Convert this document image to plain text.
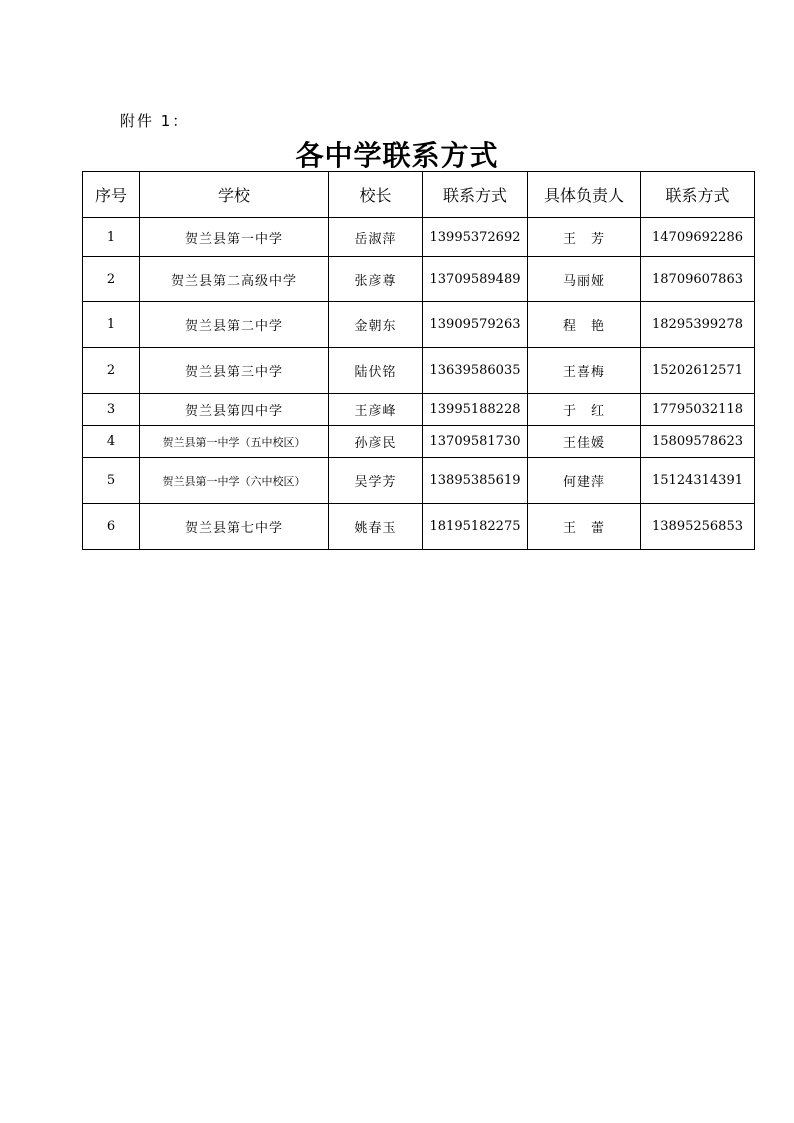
附件 1：
各中学联系方式
序号	学校	校长	联系方式	具体负责人	联系方式
1	贺兰县第一中学	岳淑萍	13995372692	王　芳	14709692286
2	贺兰县第二高级中学	张彦尊	13709589489	马丽娅	18709607863
1	贺兰县第二中学	金朝东	13909579263	程　艳	18295399278
2	贺兰县第三中学	陆伏铭	13639586035	王喜梅	15202612571
3	贺兰县第四中学	王彦峰	13995188228	于　红	17795032118
4	贺兰县第一中学（五中校区）	孙彦民	13709581730	王佳媛	15809578623
5	贺兰县第一中学（六中校区）	吴学芳	13895385619	何建萍	15124314391
6	贺兰县第七中学	姚春玉	18195182275	王　蕾	13895256853
